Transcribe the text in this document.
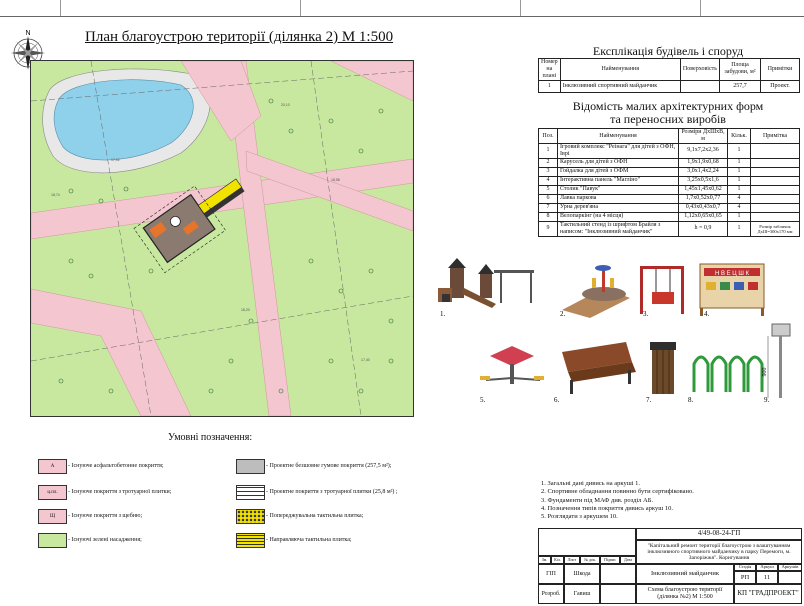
N	План благоустрою території (ділянка 2) М 1:500
18,74
20,10
18,58
17,92
17,40
18,20
Експлікація будівель і споруд
Номер на плані	Найменування	Поверховість	Площа забудови, м²	Примітки
1	Інклюзивний спортивний майданчик		257,7	Проект.
Відомість малих архітектурних форм
та переносних виробів
Поз.	Найменування	Розміри ДхШхВ, м	Кільк.	Примітка
1	Ігровий комплекс "Реінага" для дітей з ОФН, Іврі	9,1х7,2х2,36	1	
2	Карусель для дітей з ОФН	1,9х1,9х0,68	1	
3	Гойдалка для дітей з ОФМ	3,0х1,4х2,24	1	
4	Інтерактивна панель "Магліно"	3,25х0,5х1,6	1	
5	Столик "Павук"	1,45х1,45х0,62	1	
6	Лавка паркова	1,7х0,52х0,77	4	
7	Урна дерев'яна	0,43х0,43х0,7	4	
8	Велопаркінг (на 4 місця)	1,12х0,65х0,65	1	
9	Тактильний стенд із шрифтом Брайля з написом: "Інклюзивний майданчик"	h = 0,9	1	Розмір табличок ДхШ=300х170 мм
1.	2.	3.
Н В Е Ц Ш К
4.
5.	6.	7.	8.
900
9.
Умовні позначення:
А	- Існуюче асфальтобетонне покриття;
ц.пл.	- Існуюче покриття з тротуарної плитки;
Щ	- Існуюче покриття з щебню;
- Існуючі зелені насадження;
- Проектне безшовне гумове покриття (257,5 м²);
- Проектне покриття з тротуарної плитки (25,8 м²) ;
- Попереджувальна тактильна плитка;
- Направляюча тактильна плитка;
1. Загальні дані дивись на аркуші 1.
2. Спортивне обладнання повинно бути сертифіковано.
3. Фундаменти під МАФ див. розділ АБ.
4. Позначення типів покриття дивись аркуш 10.
5. Розглядати з аркушем 10.
Зм.	Кіл.	Лист	№ док.	Підпис	Дата
ГІП	Шкода
Розроб.	Гавиш
4/49-08-24-ГП
"Капітальний ремонт території благоустрою з влаштуванням інклюзивного спортивного майданчику в парку Перемоги, м. Запоріжжя". Коригування
Інклюзивний майданчик
Стадія	Аркуш	Аркушів
РП	11
Схема благоустрою території (ділянка №2) М 1:500	КП "ГРАДПРОЕКТ"
